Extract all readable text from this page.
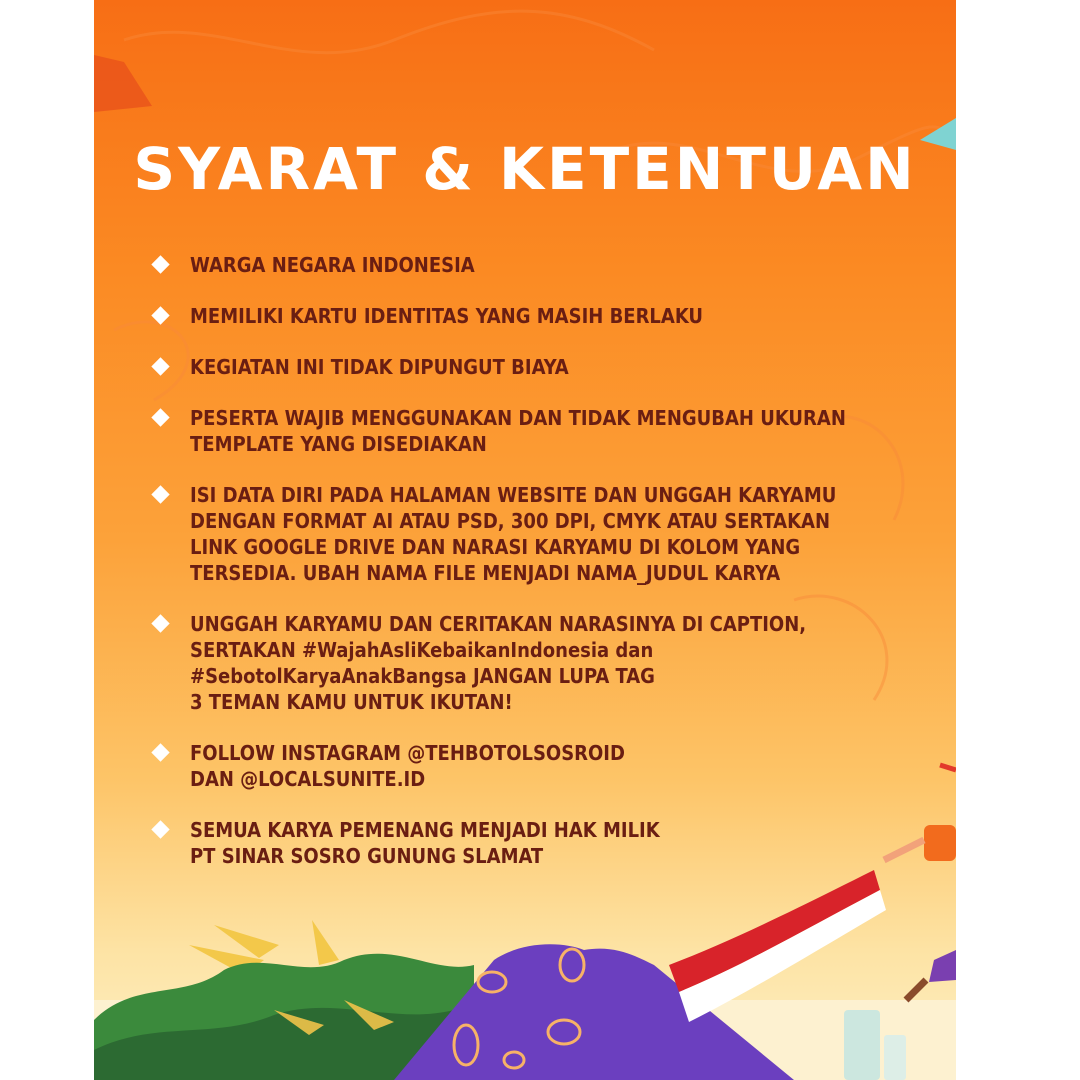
SYARAT & KETENTUAN
WARGA NEGARA INDONESIA
MEMILIKI KARTU IDENTITAS YANG MASIH BERLAKU
KEGIATAN INI TIDAK DIPUNGUT BIAYA
PESERTA WAJIB MENGGUNAKAN DAN TIDAK MENGUBAH UKURAN
TEMPLATE YANG DISEDIAKAN
ISI DATA DIRI PADA HALAMAN WEBSITE DAN UNGGAH KARYAMU
DENGAN FORMAT AI ATAU PSD, 300 DPI, CMYK ATAU SERTAKAN
LINK GOOGLE DRIVE DAN NARASI KARYAMU DI KOLOM YANG
TERSEDIA. UBAH NAMA FILE MENJADI NAMA_JUDUL KARYA
UNGGAH KARYAMU DAN CERITAKAN NARASINYA DI CAPTION,
SERTAKAN #WajahAsliKebaikanIndonesia dan
#SebotolKaryaAnakBangsa JANGAN LUPA TAG
3 TEMAN KAMU UNTUK IKUTAN!
FOLLOW INSTAGRAM @TEHBOTOLSOSROID
DAN @LOCALSUNITE.ID
SEMUA KARYA PEMENANG MENJADI HAK MILIK
PT SINAR SOSRO GUNUNG SLAMAT
